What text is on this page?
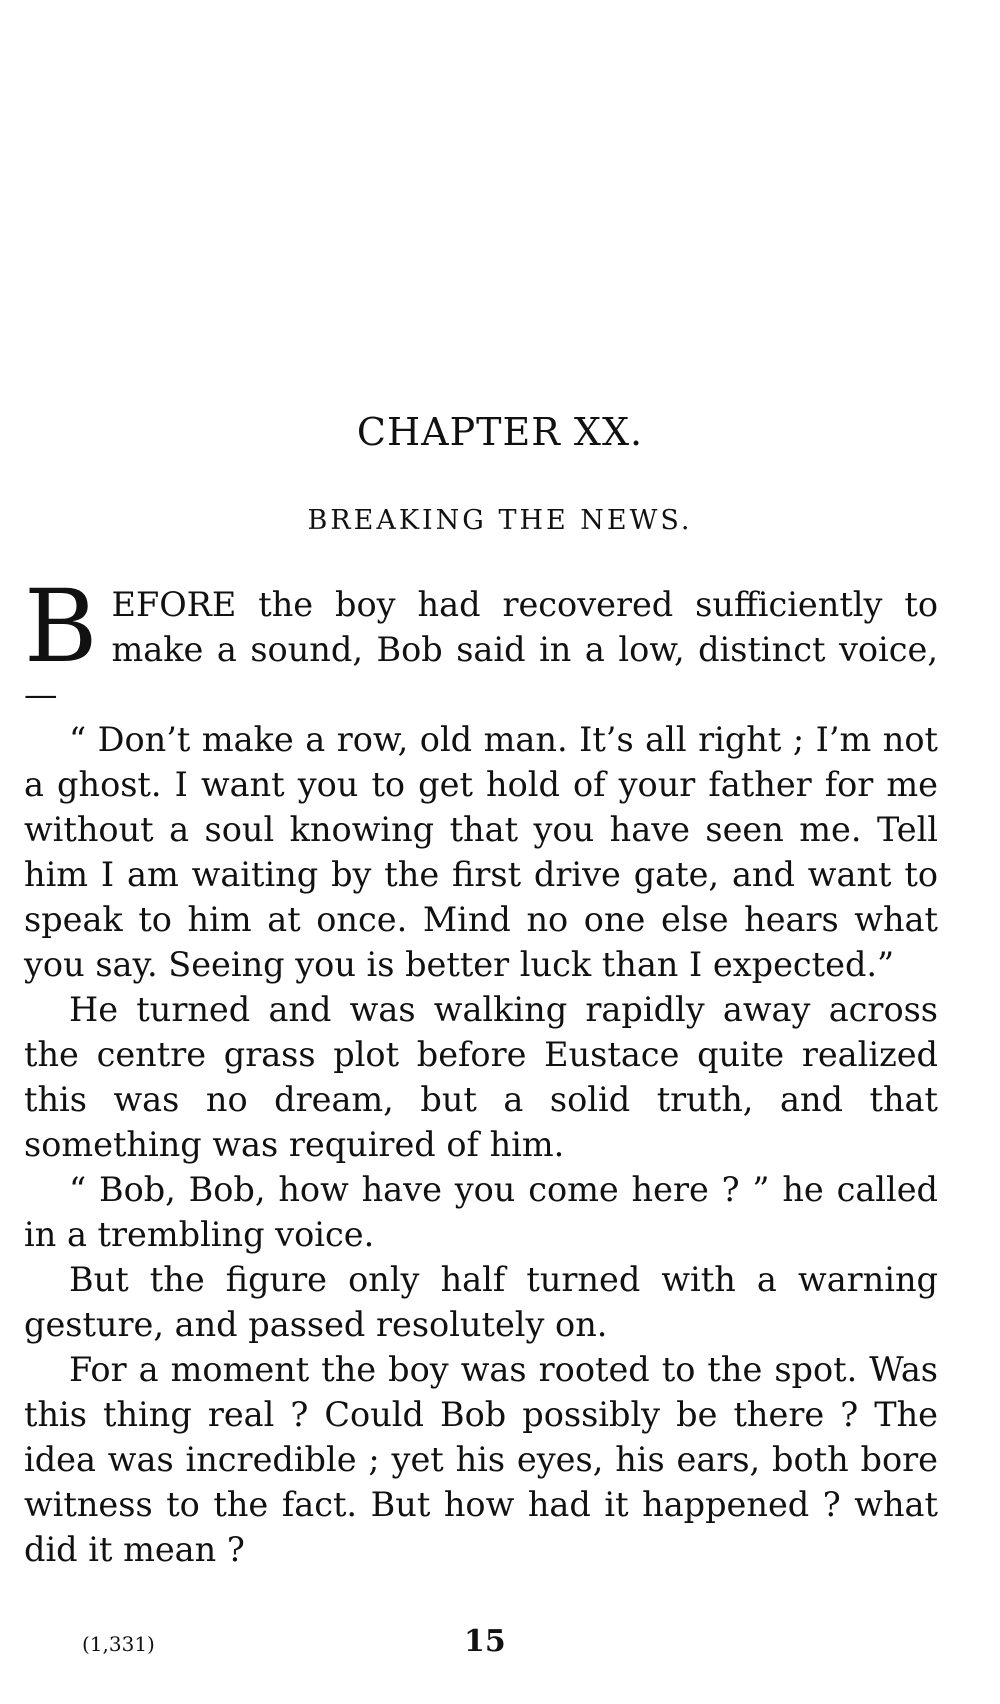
CHAPTER XX.
BREAKING THE NEWS.

BEFORE the boy had recovered sufficiently to make a sound, Bob said in a low, distinct voice,—

“ Don’t make a row, old man. It’s all right ; I’m not a ghost. I want you to get hold of your father for me without a soul knowing that you have seen me. Tell him I am waiting by the first drive gate, and want to speak to him at once. Mind no one else hears what you say. Seeing you is better luck than I expected.”

He turned and was walking rapidly away across the centre grass plot before Eustace quite realized this was no dream, but a solid truth, and that something was required of him.

“ Bob, Bob, how have you come here ? ” he called in a trembling voice.

But the figure only half turned with a warning gesture, and passed resolutely on.

For a moment the boy was rooted to the spot. Was this thing real ? Could Bob possibly be there ? The idea was incredible ; yet his eyes, his ears, both bore witness to the fact. But how had it happened ? what did it mean ?

(1,331)	15
